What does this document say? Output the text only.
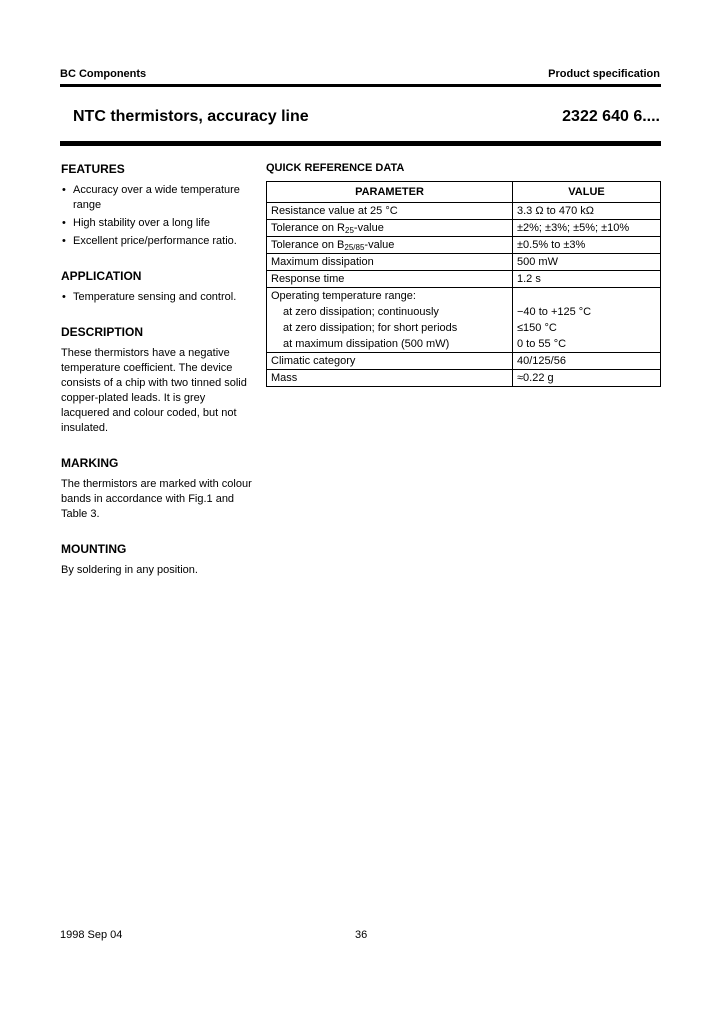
BC Components	Product specification
NTC thermistors, accuracy line	2322 640 6....
FEATURES
• Accuracy over a wide temperature range
• High stability over a long life
• Excellent price/performance ratio.
APPLICATION
• Temperature sensing and control.
DESCRIPTION

These thermistors have a negative temperature coefficient. The device consists of a chip with two tinned solid copper-plated leads. It is grey lacquered and colour coded, but not insulated.

MARKING

The thermistors are marked with colour bands in accordance with Fig.1 and Table 3.

MOUNTING

By soldering in any position.

QUICK REFERENCE DATA
PARAMETER	VALUE
Resistance value at 25 °C	3.3 Ω to 470 kΩ
Tolerance on $R_{25}$-value	±2%; ±3%; ±5%; ±10%
Tolerance on $B_{25/85}$-value	±0.5% to ±3%
Maximum dissipation	500 mW
Response time	1.2 s
Operating temperature range:	
at zero dissipation; continuously	−40 to +125 °C
at zero dissipation; for short periods	≤150 °C
at maximum dissipation (500 mW)	0 to 55 °C
Climatic category	40/125/56
Mass	≈0.22 g
1998 Sep 04	36
